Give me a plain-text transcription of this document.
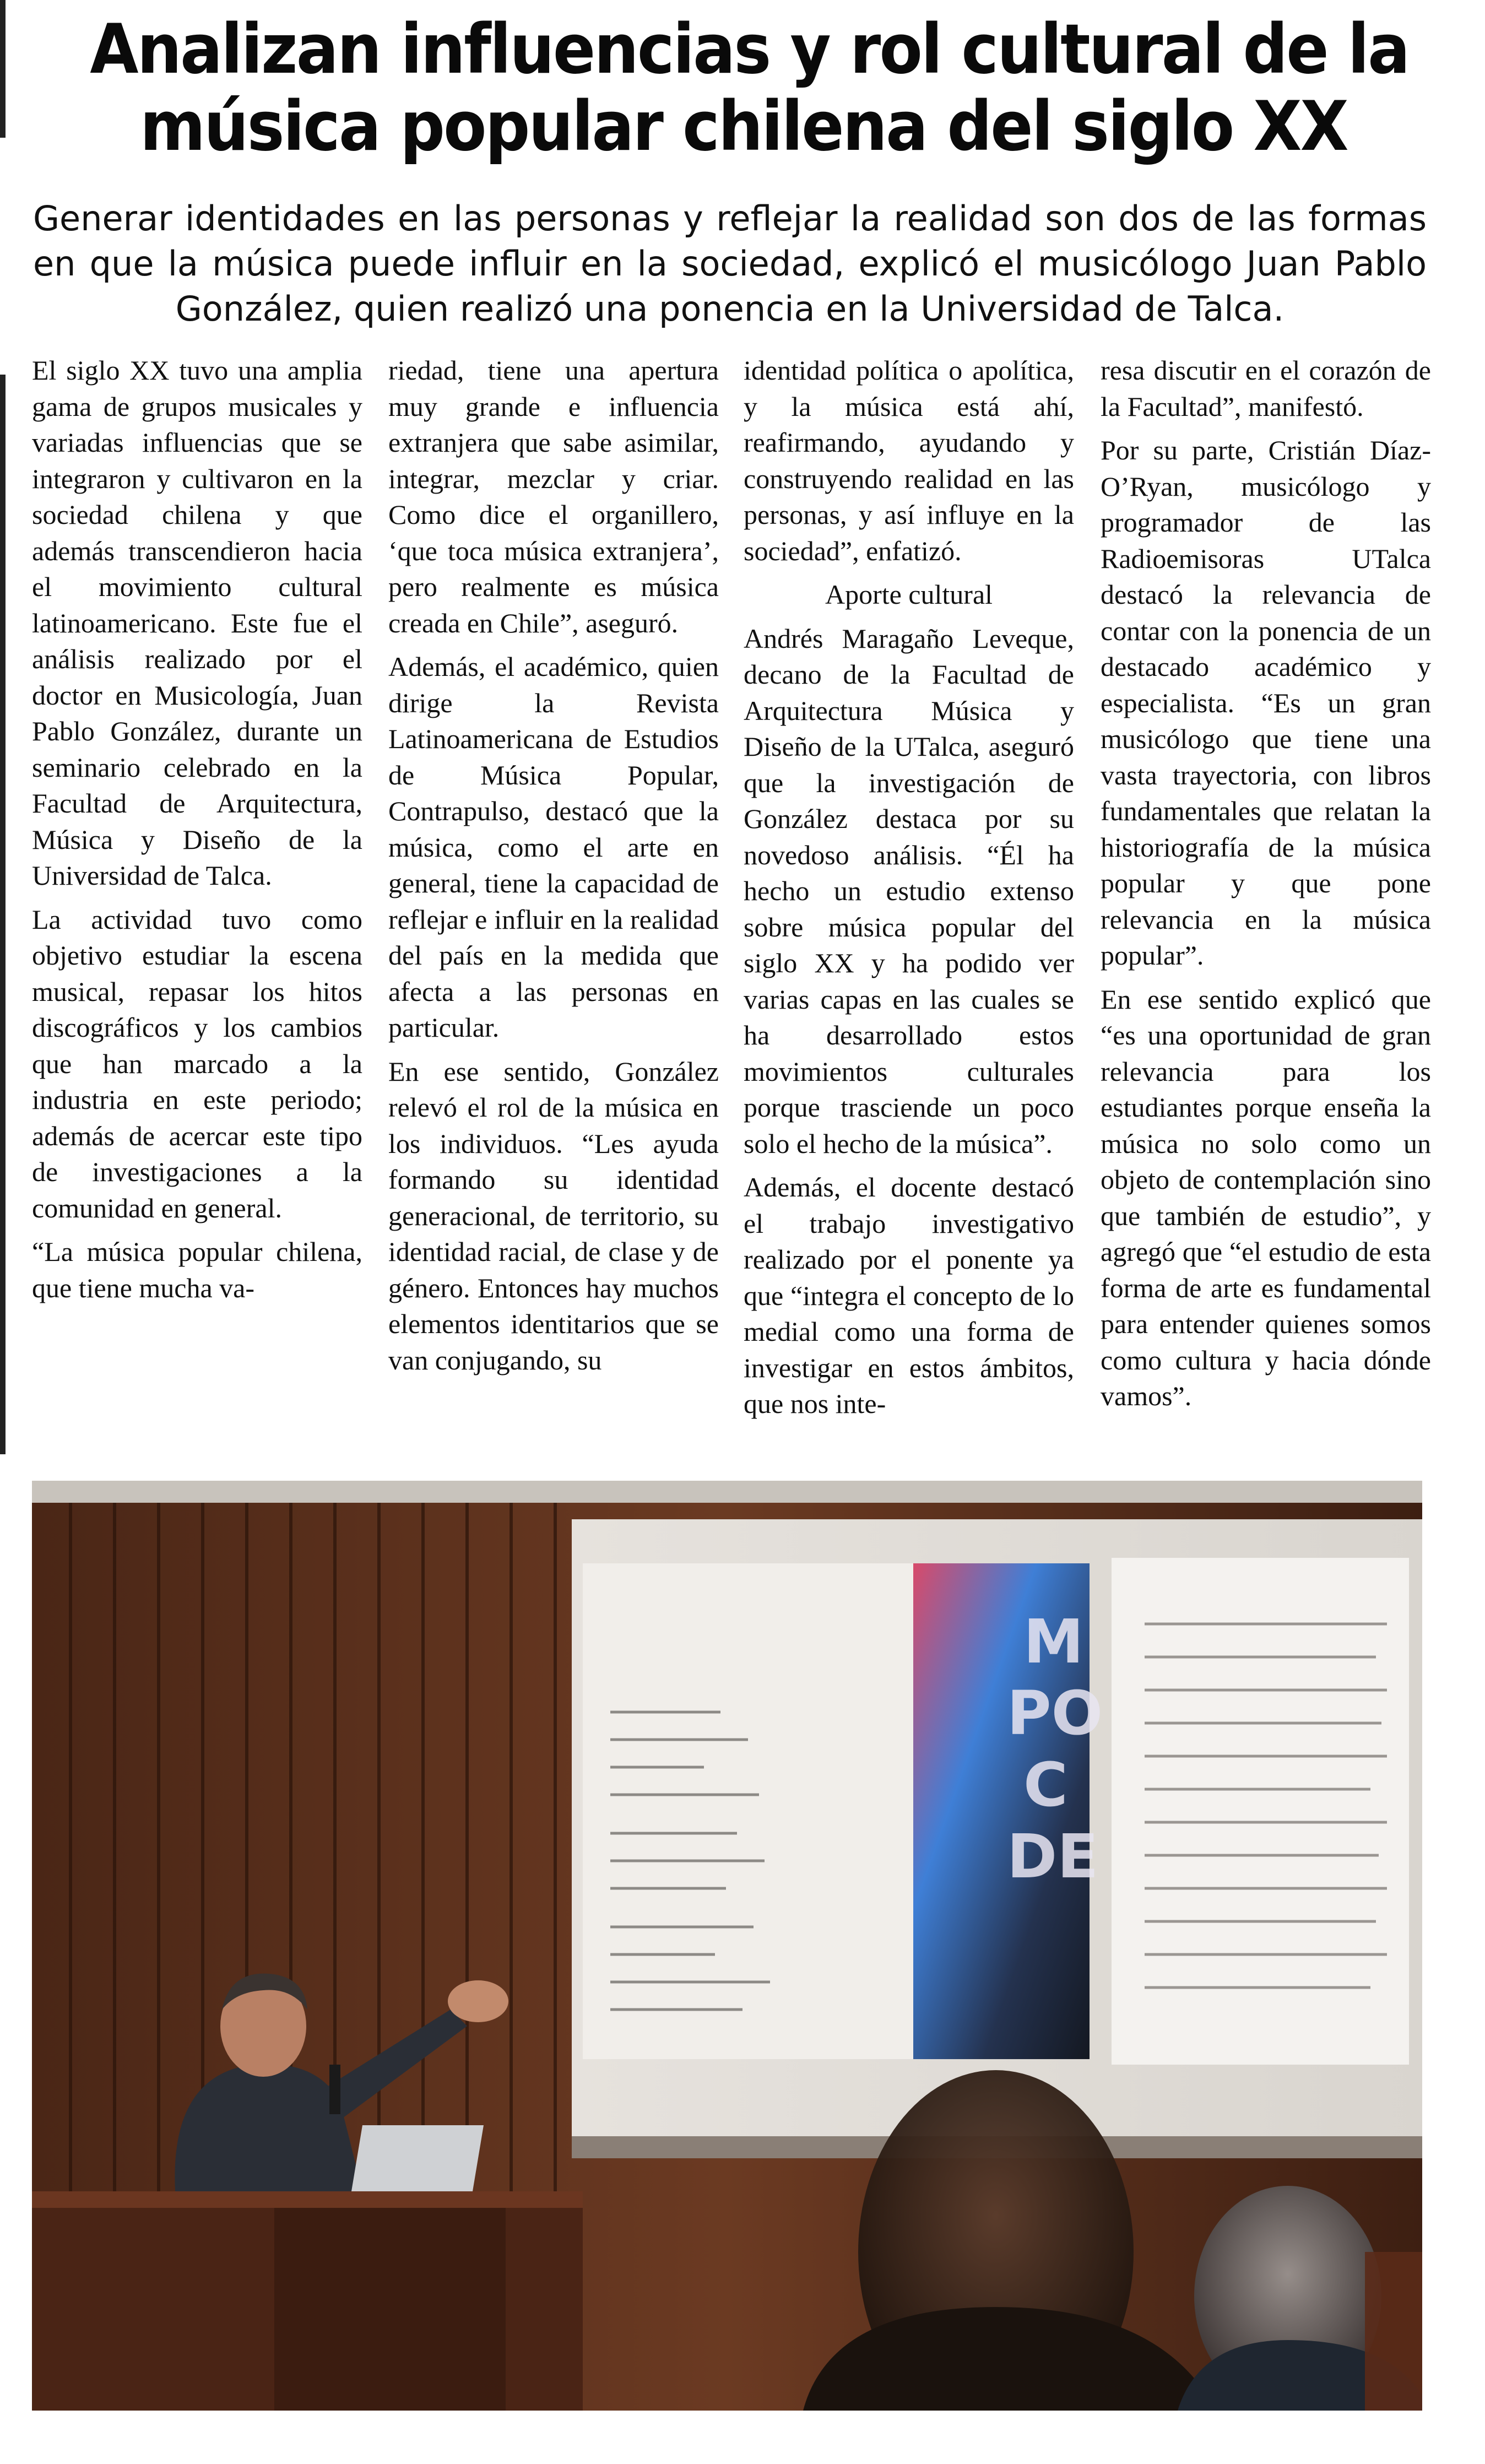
Analizan influencias y rol cultural de la
música popular chilena del siglo XX

Generar identidades en las personas y reflejar la realidad son dos de las formas en que la música puede influir en la sociedad, explicó el musicólogo Juan Pablo González, quien realizó una ponencia en la Universidad de Talca.

El siglo XX tuvo una amplia gama de grupos musicales y variadas influencias que se integraron y cultivaron en la sociedad chilena y que además transcendieron hacia el movimiento cultural latinoamericano. Este fue el análisis realizado por el doctor en Musicología, Juan Pablo González, durante un seminario celebrado en la Facultad de Arquitectura, Música y Diseño de la Universidad de Talca.

La actividad tuvo como objetivo estudiar la escena musical, repasar los hitos discográficos y los cambios que han marcado a la industria en este periodo; además de acercar este tipo de investigaciones a la comunidad en general.

“La música popular chilena, que tiene mucha va-

riedad, tiene una apertura muy grande e influencia extranjera que sabe asimilar, integrar, mezclar y criar. Como dice el organillero, ‘que toca música extranjera’, pero realmente es música creada en Chile”, aseguró.

Además, el académico, quien dirige la Revista Latinoamericana de Estudios de Música Popular, Contrapulso, destacó que la música, como el arte en general, tiene la capacidad de reflejar e influir en la realidad del país en la medida que afecta a las personas en particular.

En ese sentido, González relevó el rol de la música en los individuos. “Les ayuda formando su identidad generacional, de territorio, su identidad racial, de clase y de género. Entonces hay muchos elementos identitarios que se van conjugando, su

identidad política o apolítica, y la música está ahí, reafirmando, ayudando y construyendo realidad en las personas, y así influye en la sociedad”, enfatizó.

Aporte cultural

Andrés Maragaño Leveque, decano de la Facultad de Arquitectura Música y Diseño de la UTalca, aseguró que la investigación de González destaca por su novedoso análisis. “Él ha hecho un estudio extenso sobre música popular del siglo XX y ha podido ver varias capas en las cuales se ha desarrollado estos movimientos culturales porque trasciende un poco solo el hecho de la música”.

Además, el docente destacó el trabajo investigativo realizado por el ponente ya que “integra el concepto de lo medial como una forma de investigar en estos ámbitos, que nos inte-

resa discutir en el corazón de la Facultad”, manifestó.

Por su parte, Cristián Díaz-O’Ryan, musicólogo y programador de las Radioemisoras UTalca destacó la relevancia de contar con la ponencia de un destacado académico y especialista. “Es un gran musicólogo que tiene una vasta trayectoria, con libros fundamentales que relatan la historiografía de la música popular y que pone relevancia en la música popular”.

En ese sentido explicó que “es una oportunidad de gran relevancia para los estudiantes porque enseña la música no solo como un objeto de contemplación sino que también de estudio”, y agregó que “el estudio de esta forma de arte es fundamental para entender quienes somos como cultura y hacia dónde vamos”.

M
PO
C
DE
